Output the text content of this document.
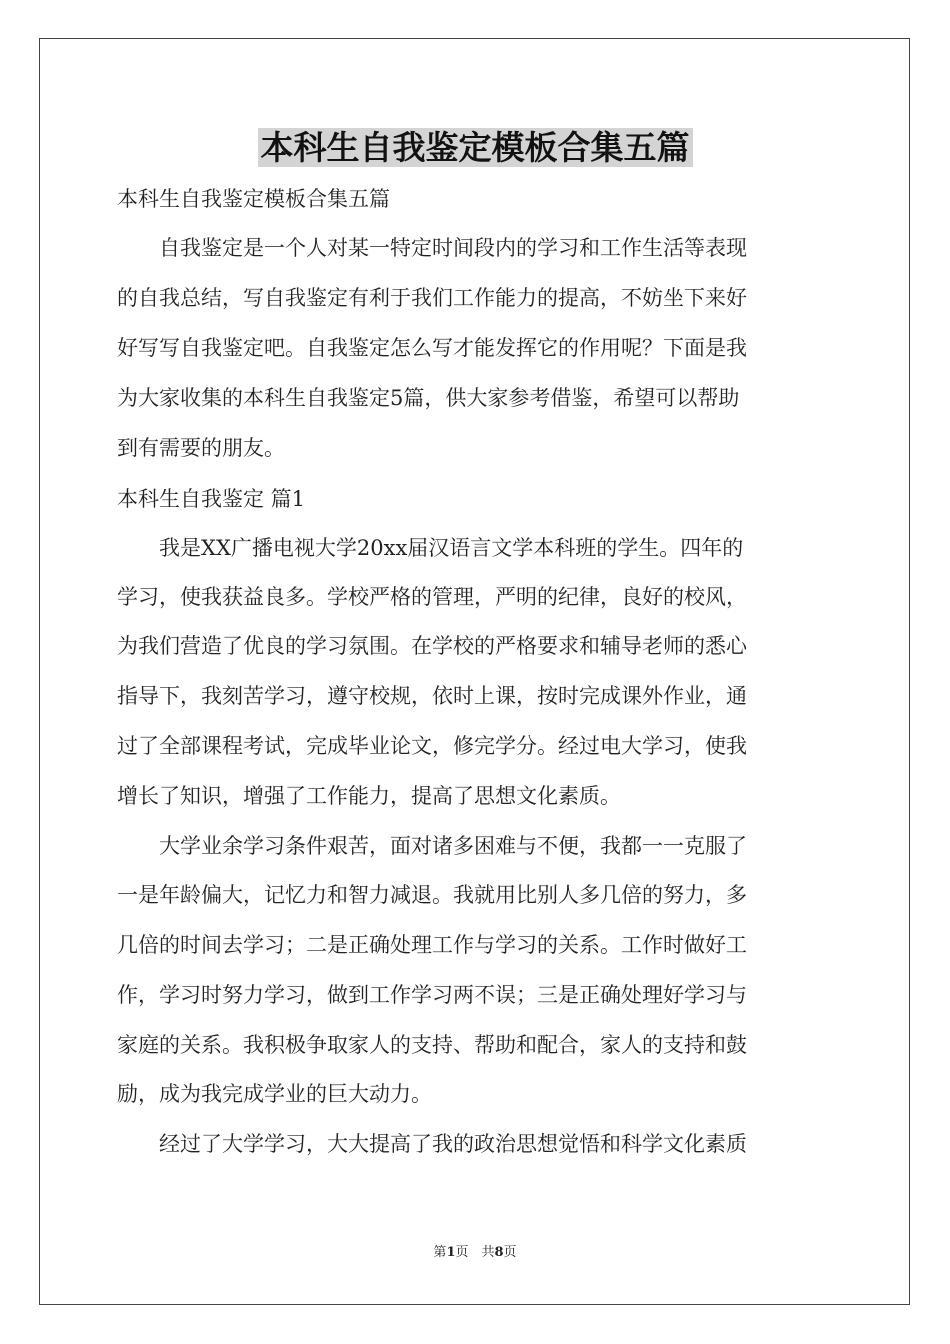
本科生自我鉴定模板合集五篇
本科生自我鉴定模板合集五篇
　　自我鉴定是一个人对某一特定时间段内的学习和工作生活等表现
的自我总结，写自我鉴定有利于我们工作能力的提高，不妨坐下来好
好写写自我鉴定吧。自我鉴定怎么写才能发挥它的作用呢？下面是我
为大家收集的本科生自我鉴定5篇，供大家参考借鉴，希望可以帮助
到有需要的朋友。
本科生自我鉴定 篇1
　　我是XX广播电视大学20xx届汉语言文学本科班的学生。四年的
学习，使我获益良多。学校严格的管理，严明的纪律，良好的校风，
为我们营造了优良的学习氛围。在学校的严格要求和辅导老师的悉心
指导下，我刻苦学习，遵守校规，依时上课，按时完成课外作业，通
过了全部课程考试，完成毕业论文，修完学分。经过电大学习，使我
增长了知识，增强了工作能力，提高了思想文化素质。
　　大学业余学习条件艰苦，面对诸多困难与不便，我都一一克服了
一是年龄偏大，记忆力和智力减退。我就用比别人多几倍的努力，多
几倍的时间去学习；二是正确处理工作与学习的关系。工作时做好工
作，学习时努力学习，做到工作学习两不误；三是正确处理好学习与
家庭的关系。我积极争取家人的支持、帮助和配合，家人的支持和鼓
励，成为我完成学业的巨大动力。
　　经过了大学学习，大大提高了我的政治思想觉悟和科学文化素质
第1页　共8页
